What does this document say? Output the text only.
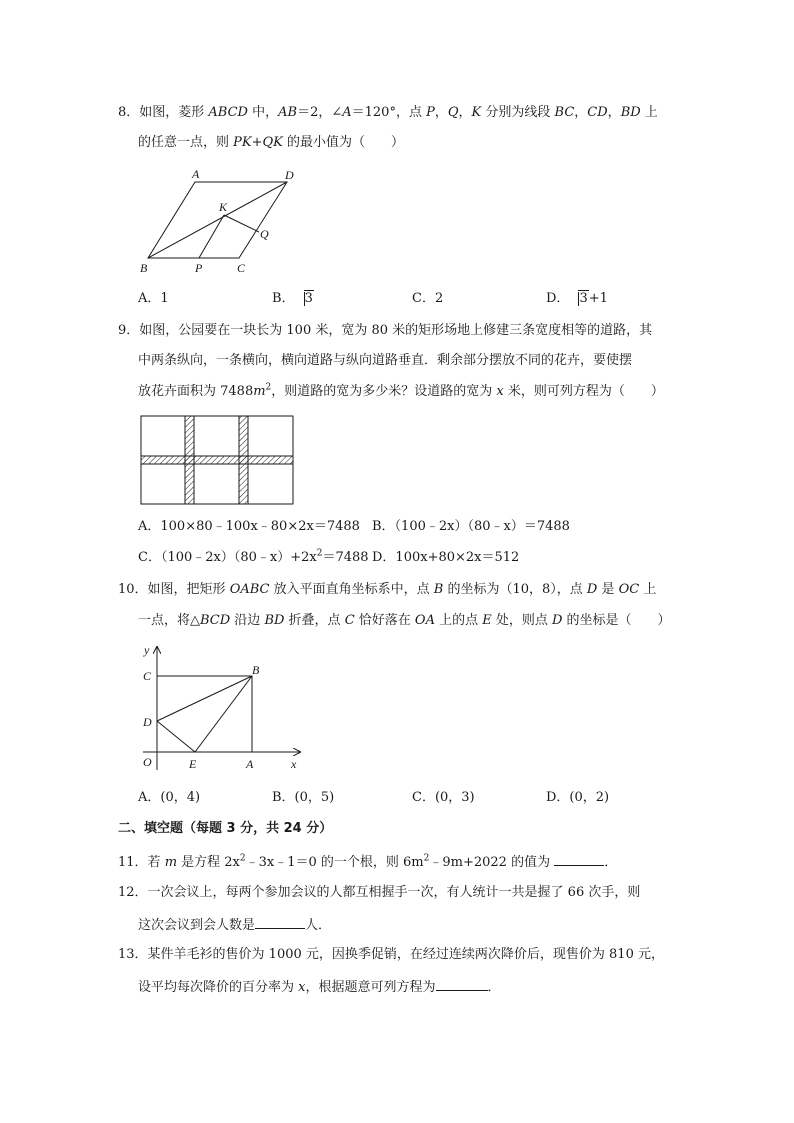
8．如图，菱形 ABCD 中，AB＝2，∠A＝120°，点 P，Q，K 分别为线段 BC，CD，BD 上
的任意一点，则 PK+QK 的最小值为（　　）
A	D
K
Q
B	P	C
A．1	B． 3	C．2	D． 3+1
9．如图，公园要在一块长为 100 米，宽为 80 米的矩形场地上修建三条宽度相等的道路，其
中两条纵向，一条横向，横向道路与纵向道路垂直．剩余部分摆放不同的花卉，要使摆
放花卉面积为 $7488m^2$，则道路的宽为多少米？设道路的宽为 x 米，则可列方程为（　　）
A．100×80﹣100x﹣80×2x＝7488 B．（100﹣2x）（80﹣x）＝7488
C．$(100﹣2x)(80﹣x)+2x^2=7488$ D．100x+80×2x＝512
10．如图，把矩形 OABC 放入平面直角坐标系中，点 B 的坐标为（10，8），点 D 是 OC 上
一点，将△BCD 沿边 BD 折叠，点 C 恰好落在 OA 上的点 E 处，则点 D 的坐标是（　　）
y
C	B
D
O	E	A	x
A．(0，4)	B．(0，5)	C．(0，3)	D．(0，2)
二、填空题（每题 3 分，共 24 分）
11．若 m 是方程 $2x^2﹣3x﹣1=0$ 的一个根，则 $6m^2﹣9m+2022$ 的值为	．
12．一次会议上，每两个参加会议的人都互相握手一次，有人统计一共是握了 66 次手，则
这次会议到会人数是	人．
13．某件羊毛衫的售价为 1000 元，因换季促销，在经过连续两次降价后，现售价为 810 元，
设平均每次降价的百分率为 x，根据题意可列方程为	．
